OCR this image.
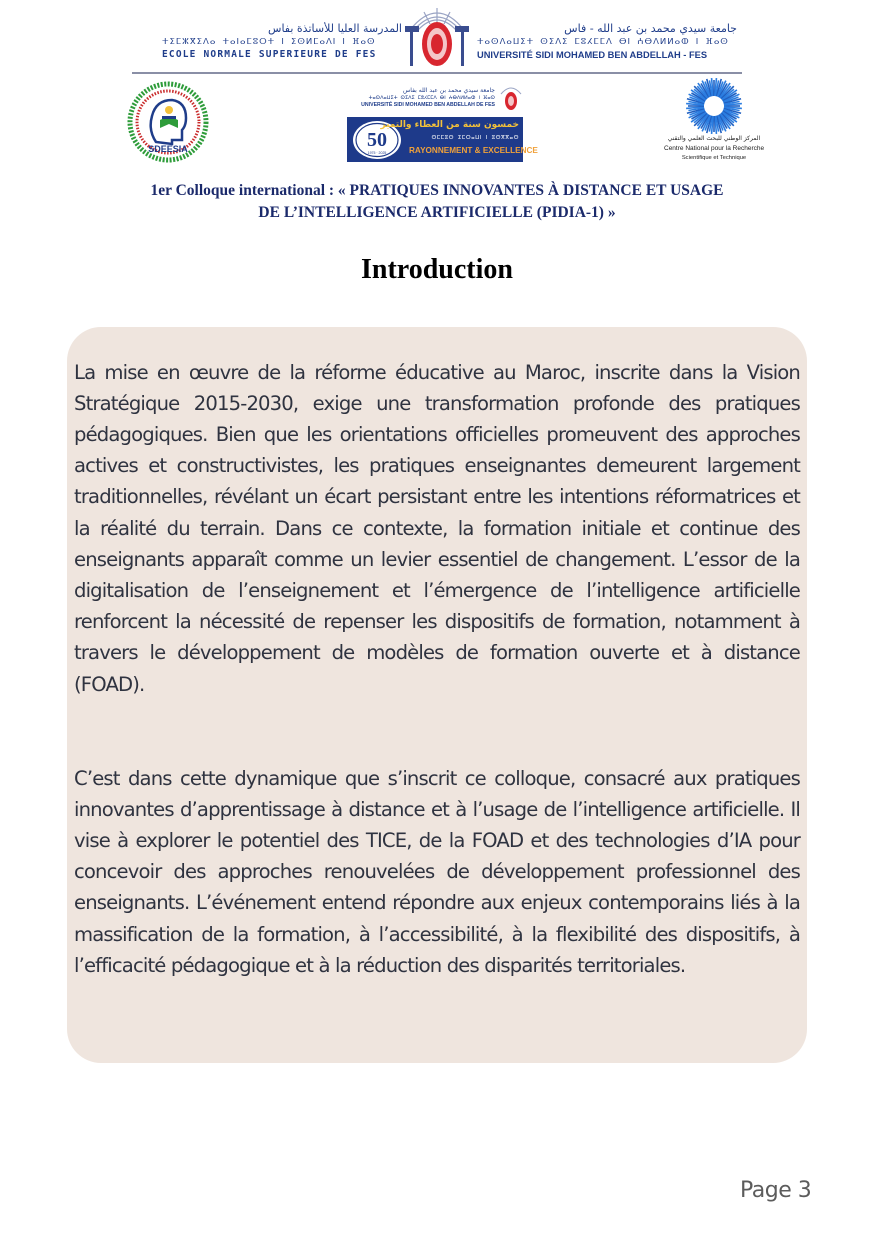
المدرسة العليا للأساتذة بفاس
ⵜⵉⵎⵣⴳⵉⴷⴰ ⵜⴰⵏⴰⵎⵓⵔⵜ ⵏ ⵉⵙⵍⵎⴰⴷⵏ ⵏ ⴼⴰⵙ
ECOLE NORMALE SUPERIEURE DE FES
جامعة سيدي محمد بن عبد الله - فاس
ⵜⴰⵙⴷⴰⵡⵉⵜ ⵙⵉⴷⵉ ⵎⵓⵃⵎⵎⴷ ⴱⵏ ⵄⴱⴷⵍⵍⴰⵀ ⵏ ⴼⴰⵙ
UNIVERSITÉ SIDI MOHAMED BEN ABDELLAH - FES
SDEESIA
جامعة سيدي محمد بن عبد الله بفاس
ⵜⴰⵙⴷⴰⵡⵉⵜ ⵙⵉⴷⵉ ⵎⵓⵃⵎⵎⴷ ⴱⵏ ⵄⴱⴷⵍⵍⴰⵀ ⵏ ⴼⴰⵙ
UNIVERSITÉ SIDI MOHAMED BEN ABDELLAH DE FES
50
1975 · 2025
خمسون سنة من العطاء والتميز
ⵙⵎⵎⵓⵙ ⵉⵎⵔⴰⵡⵏ ⵏ ⵓⵙⴳⴳⴰⵙ
RAYONNEMENT & EXCELLENCE
المركز الوطني للبحث العلمي والتقني
Centre National pour la Recherche
Scientifique et Technique
1er Colloque international : « PRATIQUES INNOVANTES À DISTANCE ET USAGE
DE L’INTELLIGENCE ARTIFICIELLE (PIDIA-1) »
Introduction

La mise en œuvre de la réforme éducative au Maroc, inscrite dans la Vision Stratégique 2015-2030, exige une transformation profonde des pratiques pédagogiques. Bien que les orientations officielles promeuvent des approches actives et constructivistes, les pratiques enseignantes demeurent largement traditionnelles, révélant un écart persistant entre les intentions réformatrices et la réalité du terrain. Dans ce contexte, la formation initiale et continue des enseignants apparaît comme un levier essentiel de changement. L’essor de la digitalisation de l’enseignement et l’émergence de l’intelligence artificielle renforcent la nécessité de repenser les dispositifs de formation, notamment à travers le développement de modèles de formation ouverte et à distance (FOAD).

C’est dans cette dynamique que s’inscrit ce colloque, consacré aux pratiques innovantes d’apprentissage à distance et à l’usage de l’intelligence artificielle. Il vise à explorer le potentiel des TICE, de la FOAD et des technologies d’IA pour concevoir des approches renouvelées de développement professionnel des enseignants. L’événement entend répondre aux enjeux contemporains liés à la massification de la formation, à l’accessibilité, à la flexibilité des dispositifs, à l’efficacité pédagogique et à la réduction des disparités territoriales.

Page 3
